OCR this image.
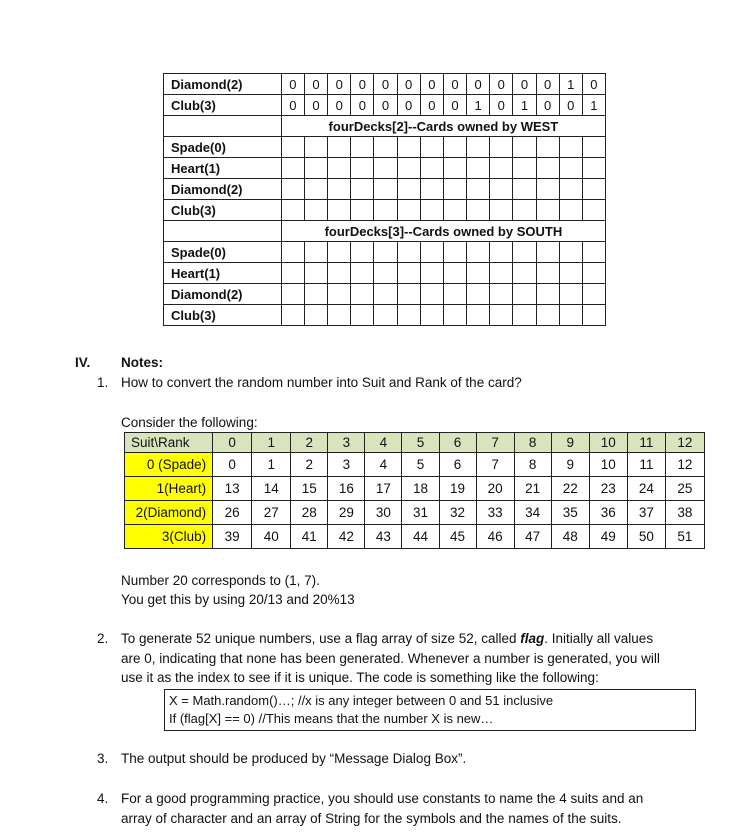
Diamond(2)	0	0	0	0	0	0	0	0	0	0	0	0	1	0
Club(3)	0	0	0	0	0	0	0	0	1	0	1	0	0	1
	fourDecks[2]--Cards owned by WEST													
Spade(0)														
Heart(1)														
Diamond(2)														
Club(3)														
	fourDecks[3]--Cards owned by SOUTH													
Spade(0)														
Heart(1)														
Diamond(2)														
Club(3)														
IV. Notes:
1. How to convert the random number into Suit and Rank of the card?
Consider the following:
Suit\Rank	0	1	2	3	4	5	6	7	8	9	10	11	12
0 (Spade)	0	1	2	3	4	5	6	7	8	9	10	11	12
1(Heart)	13	14	15	16	17	18	19	20	21	22	23	24	25
2(Diamond)	26	27	28	29	30	31	32	33	34	35	36	37	38
3(Club)	39	40	41	42	43	44	45	46	47	48	49	50	51
Number 20 corresponds to (1, 7).
You get this by using 20/13 and 20%13
2. To generate 52 unique numbers, use a flag array of size 52, called flag. Initially all values
are 0, indicating that none has been generated. Whenever a number is generated, you will
use it as the index to see if it is unique. The code is something like the following:
X = Math.random()…; //x is any integer between 0 and 51 inclusive
If (flag[X] == 0) //This means that the number X is new…
3. The output should be produced by “Message Dialog Box”.
4. For a good programming practice, you should use constants to name the 4 suits and an
array of character and an array of String for the symbols and the names of the suits.
